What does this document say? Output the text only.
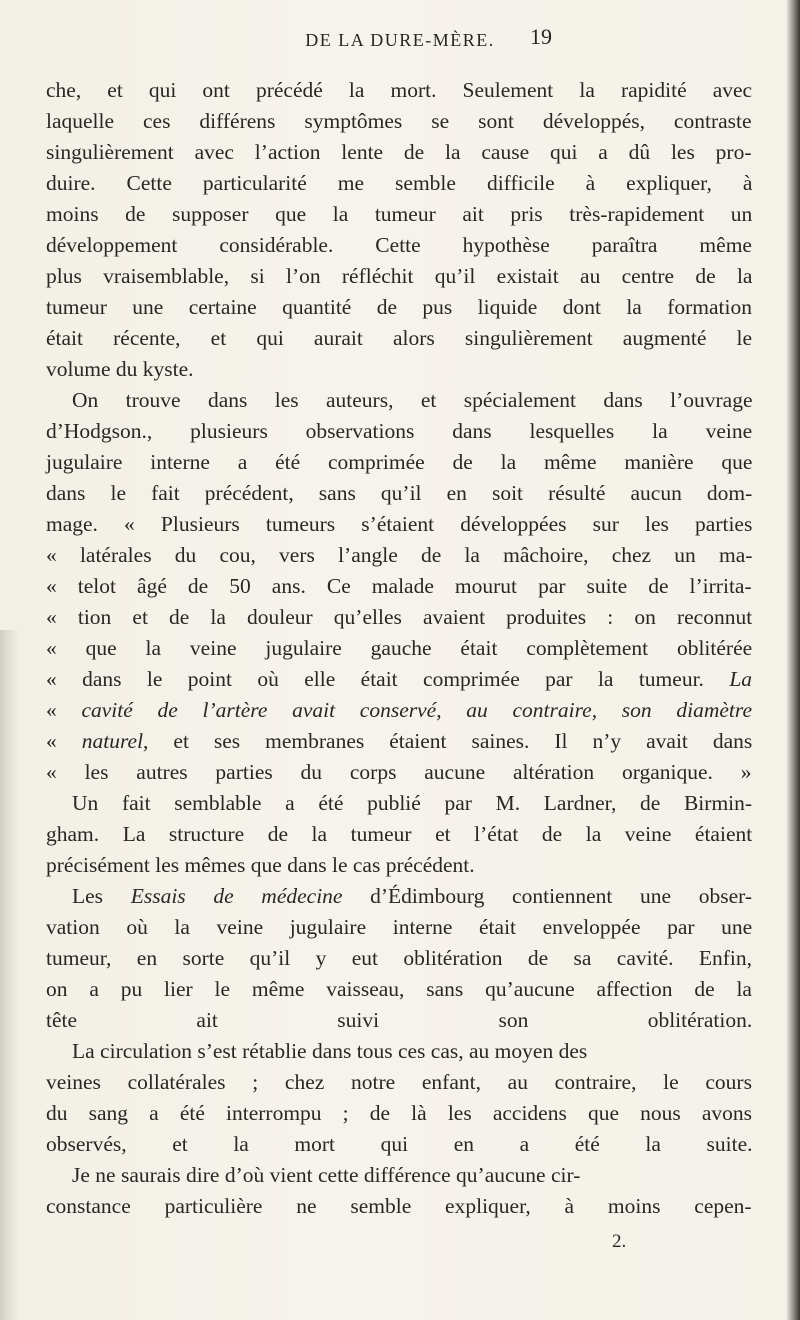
DE LA DURE-MÈRE.	19
che, et qui ont précédé la mort. Seulement la rapidité avec
laquelle ces différens symptômes se sont développés, contraste
singulièrement avec l’action lente de la cause qui a dû les pro-
duire. Cette particularité me semble difficile à expliquer, à
moins de supposer que la tumeur ait pris très-rapidement un
développement considérable. Cette hypothèse paraîtra même
plus vraisemblable, si l’on réfléchit qu’il existait au centre de la
tumeur une certaine quantité de pus liquide dont la formation
était récente, et qui aurait alors singulièrement augmenté le
volume du kyste.
On trouve dans les auteurs, et spécialement dans l’ouvrage
d’Hodgson., plusieurs observations dans lesquelles la veine
jugulaire interne a été comprimée de la même manière que
dans le fait précédent, sans qu’il en soit résulté aucun dom-
mage. « Plusieurs tumeurs s’étaient développées sur les parties
« latérales du cou, vers l’angle de la mâchoire, chez un ma-
« telot âgé de 50 ans. Ce malade mourut par suite de l’irrita-
« tion et de la douleur qu’elles avaient produites : on reconnut
« que la veine jugulaire gauche était complètement oblitérée
« dans le point où elle était comprimée par la tumeur. La
« cavité de l’artère avait conservé, au contraire, son diamètre
« naturel, et ses membranes étaient saines. Il n’y avait dans
« les autres parties du corps aucune altération organique. »
Un fait semblable a été publié par M. Lardner, de Birmin-
gham. La structure de la tumeur et l’état de la veine étaient
précisément les mêmes que dans le cas précédent.
Les Essais de médecine d’Édimbourg contiennent une obser-
vation où la veine jugulaire interne était enveloppée par une
tumeur, en sorte qu’il y eut oblitération de sa cavité. Enfin,
on a pu lier le même vaisseau, sans qu’aucune affection de la
tête ait suivi son oblitération.
La circulation s’est rétablie dans tous ces cas, au moyen des
veines collatérales ; chez notre enfant, au contraire, le cours
du sang a été interrompu ; de là les accidens que nous avons
observés, et la mort qui en a été la suite.
Je ne saurais dire d’où vient cette différence qu’aucune cir-
constance particulière ne semble expliquer, à moins cepen-
2.
